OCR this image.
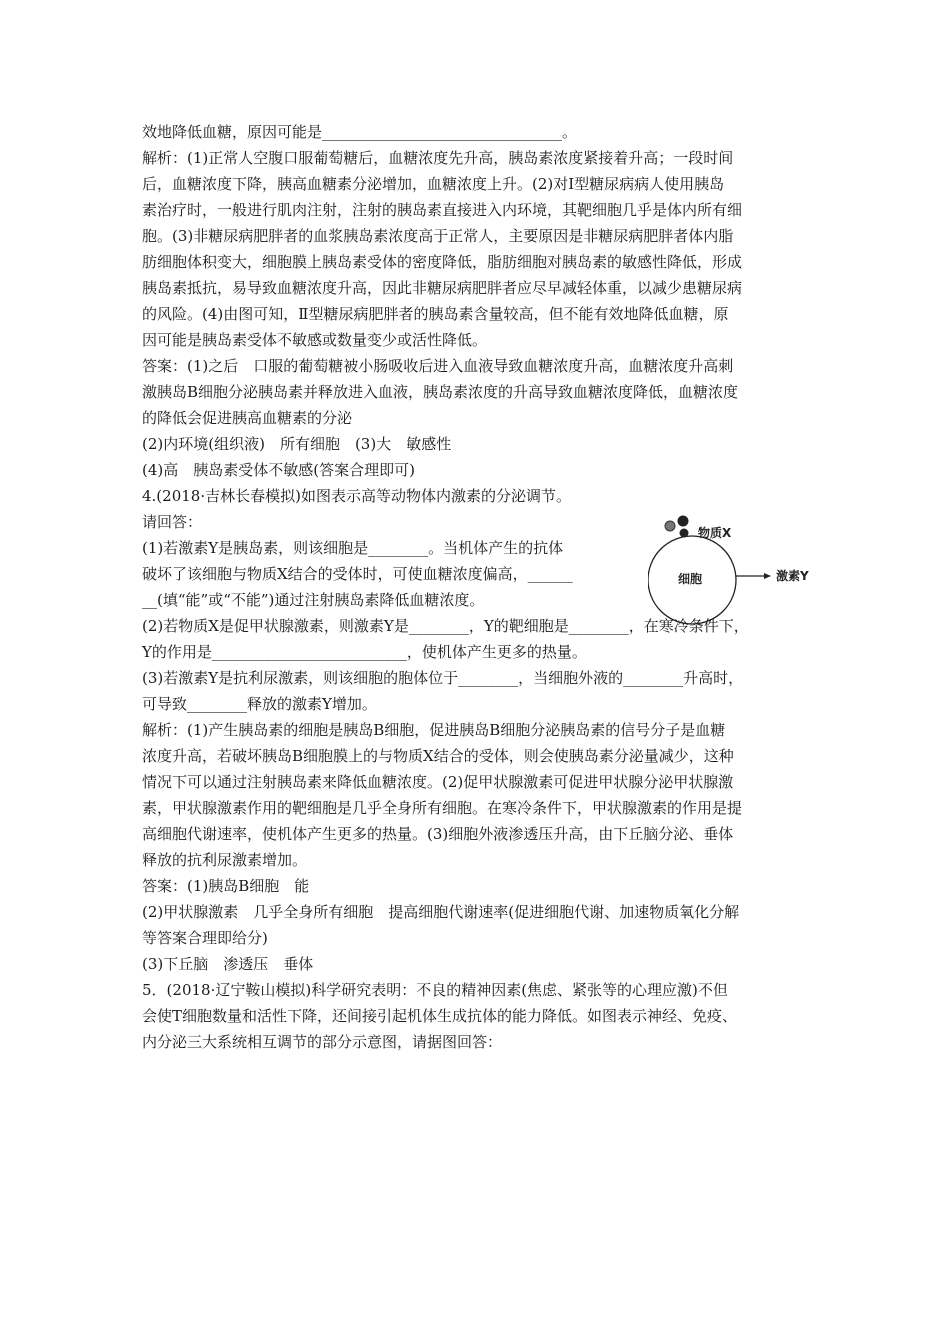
效地降低血糖，原因可能是________________________________。
解析：(1)正常人空腹口服葡萄糖后，血糖浓度先升高，胰岛素浓度紧接着升高；一段时间
后，血糖浓度下降，胰高血糖素分泌增加，血糖浓度上升。(2)对Ⅰ型糖尿病病人使用胰岛
素治疗时，一般进行肌肉注射，注射的胰岛素直接进入内环境，其靶细胞几乎是体内所有细
胞。(3)非糖尿病肥胖者的血浆胰岛素浓度高于正常人，主要原因是非糖尿病肥胖者体内脂
肪细胞体积变大，细胞膜上胰岛素受体的密度降低，脂肪细胞对胰岛素的敏感性降低，形成
胰岛素抵抗，易导致血糖浓度升高，因此非糖尿病肥胖者应尽早减轻体重，以减少患糖尿病
的风险。(4)由图可知，Ⅱ型糖尿病肥胖者的胰岛素含量较高，但不能有效地降低血糖，原
因可能是胰岛素受体不敏感或数量变少或活性降低。
答案：(1)之后　口服的葡萄糖被小肠吸收后进入血液导致血糖浓度升高，血糖浓度升高刺
激胰岛B细胞分泌胰岛素并释放进入血液，胰岛素浓度的升高导致血糖浓度降低，血糖浓度
的降低会促进胰高血糖素的分泌
(2)内环境(组织液)　所有细胞　(3)大　敏感性
(4)高　胰岛素受体不敏感(答案合理即可)
4.(2018·吉林长春模拟)如图表示高等动物体内激素的分泌调节。
请回答：
(1)若激素Y是胰岛素，则该细胞是________。当机体产生的抗体
破坏了该细胞与物质X结合的受体时，可使血糖浓度偏高，______
__(填“能”或“不能”)通过注射胰岛素降低血糖浓度。
(2)若物质X是促甲状腺激素，则激素Y是________，Y的靶细胞是________，在寒冷条件下，
Y的作用是__________________________，使机体产生更多的热量。
(3)若激素Y是抗利尿激素，则该细胞的胞体位于________，当细胞外液的________升高时，
可导致________释放的激素Y增加。
解析：(1)产生胰岛素的细胞是胰岛B细胞，促进胰岛B细胞分泌胰岛素的信号分子是血糖
浓度升高，若破坏胰岛B细胞膜上的与物质X结合的受体，则会使胰岛素分泌量减少，这种
情况下可以通过注射胰岛素来降低血糖浓度。(2)促甲状腺激素可促进甲状腺分泌甲状腺激
素，甲状腺激素作用的靶细胞是几乎全身所有细胞。在寒冷条件下，甲状腺激素的作用是提
高细胞代谢速率，使机体产生更多的热量。(3)细胞外液渗透压升高，由下丘脑分泌、垂体
释放的抗利尿激素增加。
答案：(1)胰岛B细胞　能
(2)甲状腺激素　几乎全身所有细胞　提高细胞代谢速率(促进细胞代谢、加速物质氧化分解
等答案合理即给分)
(3)下丘脑　渗透压　垂体
5．(2018·辽宁鞍山模拟)科学研究表明：不良的精神因素(焦虑、紧张等的心理应激)不但
会使T细胞数量和活性下降，还间接引起机体生成抗体的能力降低。如图表示神经、免疫、
内分泌三大系统相互调节的部分示意图，请据图回答：
物质X
细胞	激素Y
